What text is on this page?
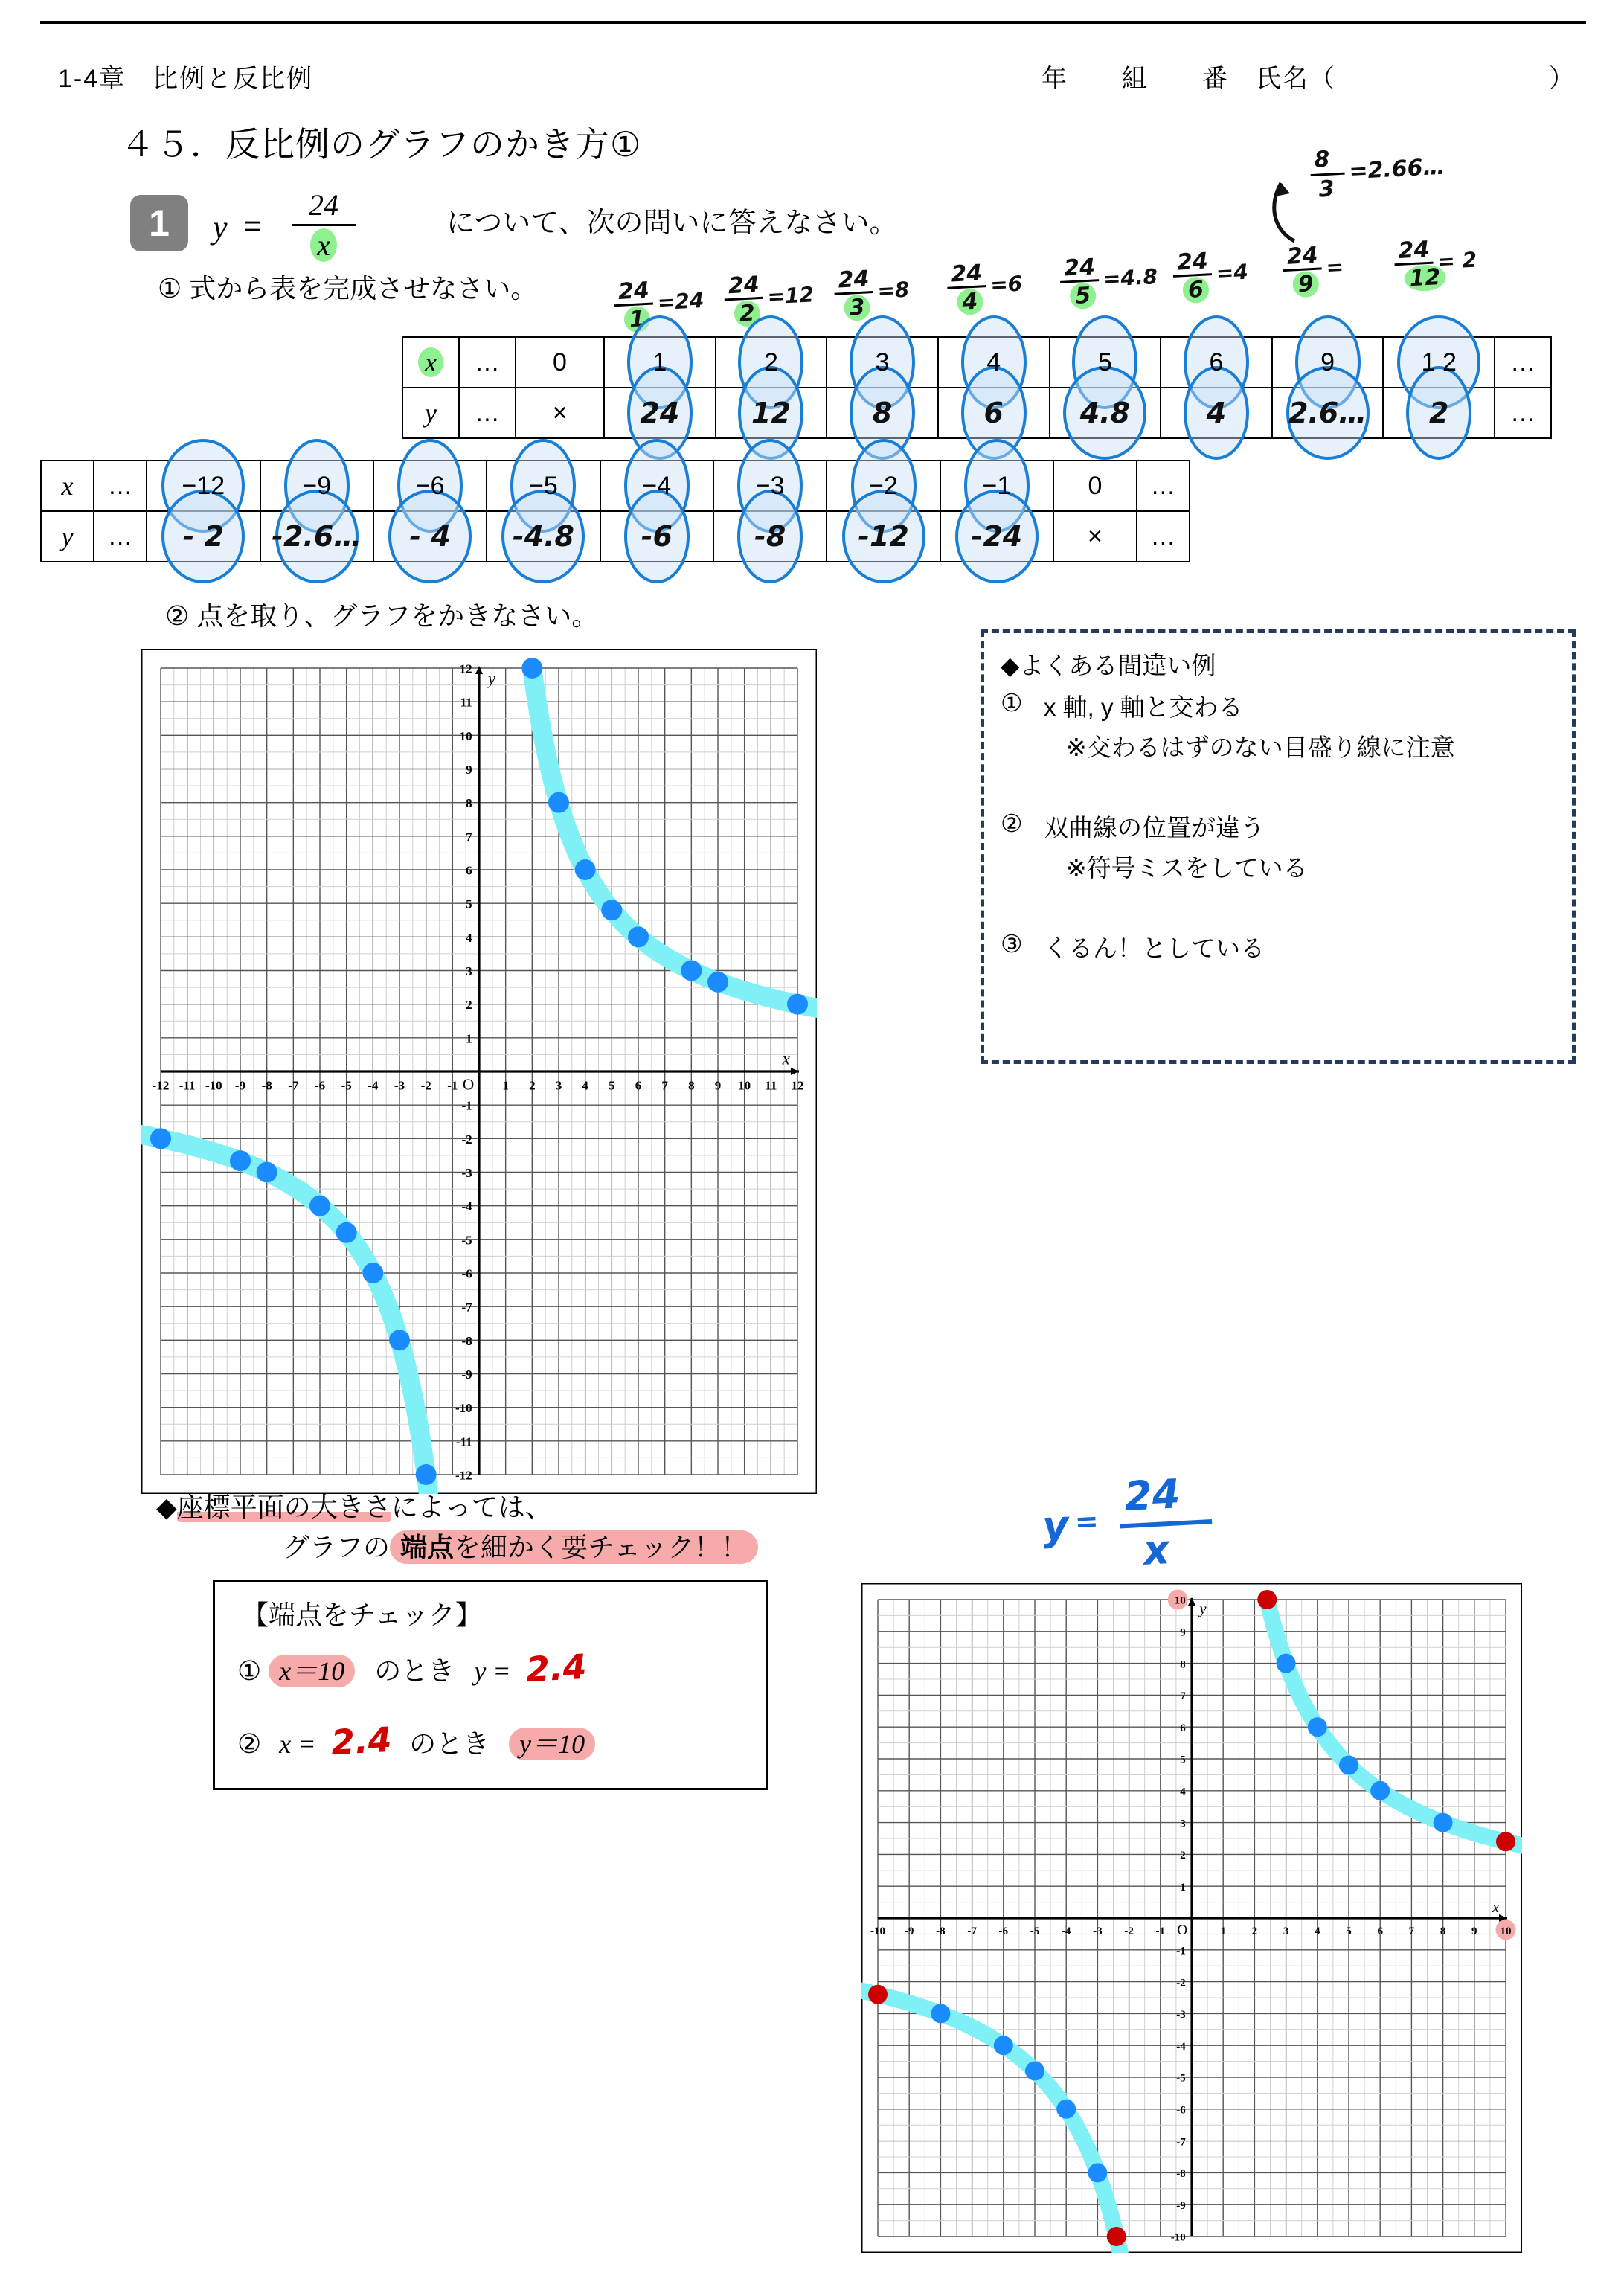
1-4章　比例と反比例	年　　組　　番　氏名（	）
４５．反比例のグラフのかき方①
1	y =
24
x
について、次の問いに答えなさい。
① 式から表を完成させなさい。
8
3
=2.66…
24
1
=24
24
2
=12
24
3
=8
24
4
=6
24
5
=4.8
24
6
=4
24
9
=
24
12
= 2
x	…	0	1	2	3	4	5	6	9	1 2	…
y	…	×	24	12	8	6	4.8	4	2.6…	2	…
x	…	−12	−9	−6	−5	−4	−3	−2	−1	0	…
y	…	- 2	-2.6…	- 4	-4.8	-6	-8	-12	-24	×	…
② 点を取り、グラフをかきなさい。
-12 -11 -10 -9 -8 -7 -6 -5 -4 -3 -2 -1	1 2 3 4 5 6 7 8 9 10 11 12
-12
-11
-10
-9
-8
-7
-6
-5
-4
-3
-2
-1
1
2
3
4
5
6
7
8
9
10
11
12
O
x
y	◆よくある間違い例
① x 軸, y 軸と交わる
※交わるはずのない目盛り線に注意
② 双曲線の位置が違う
※符号ミスをしている
③ くるん！としている
◆座標平面の大きさによっては、
グラフの 端点を細かく要チェック！！
【端点をチェック】
① x＝10 のとき y = 2.4
② x = 2.4 のとき y＝10
y =
24
x
-10 -9 -8 -7 -6 -5 -4 -3 -2 -1	1 2 3 4 5 6 7 8 9 10
-10
-9
-8
-7
-6
-5
-4
-3
-2
-1
1
2
3
4
5
6
7
8
9
10
O
x
y
